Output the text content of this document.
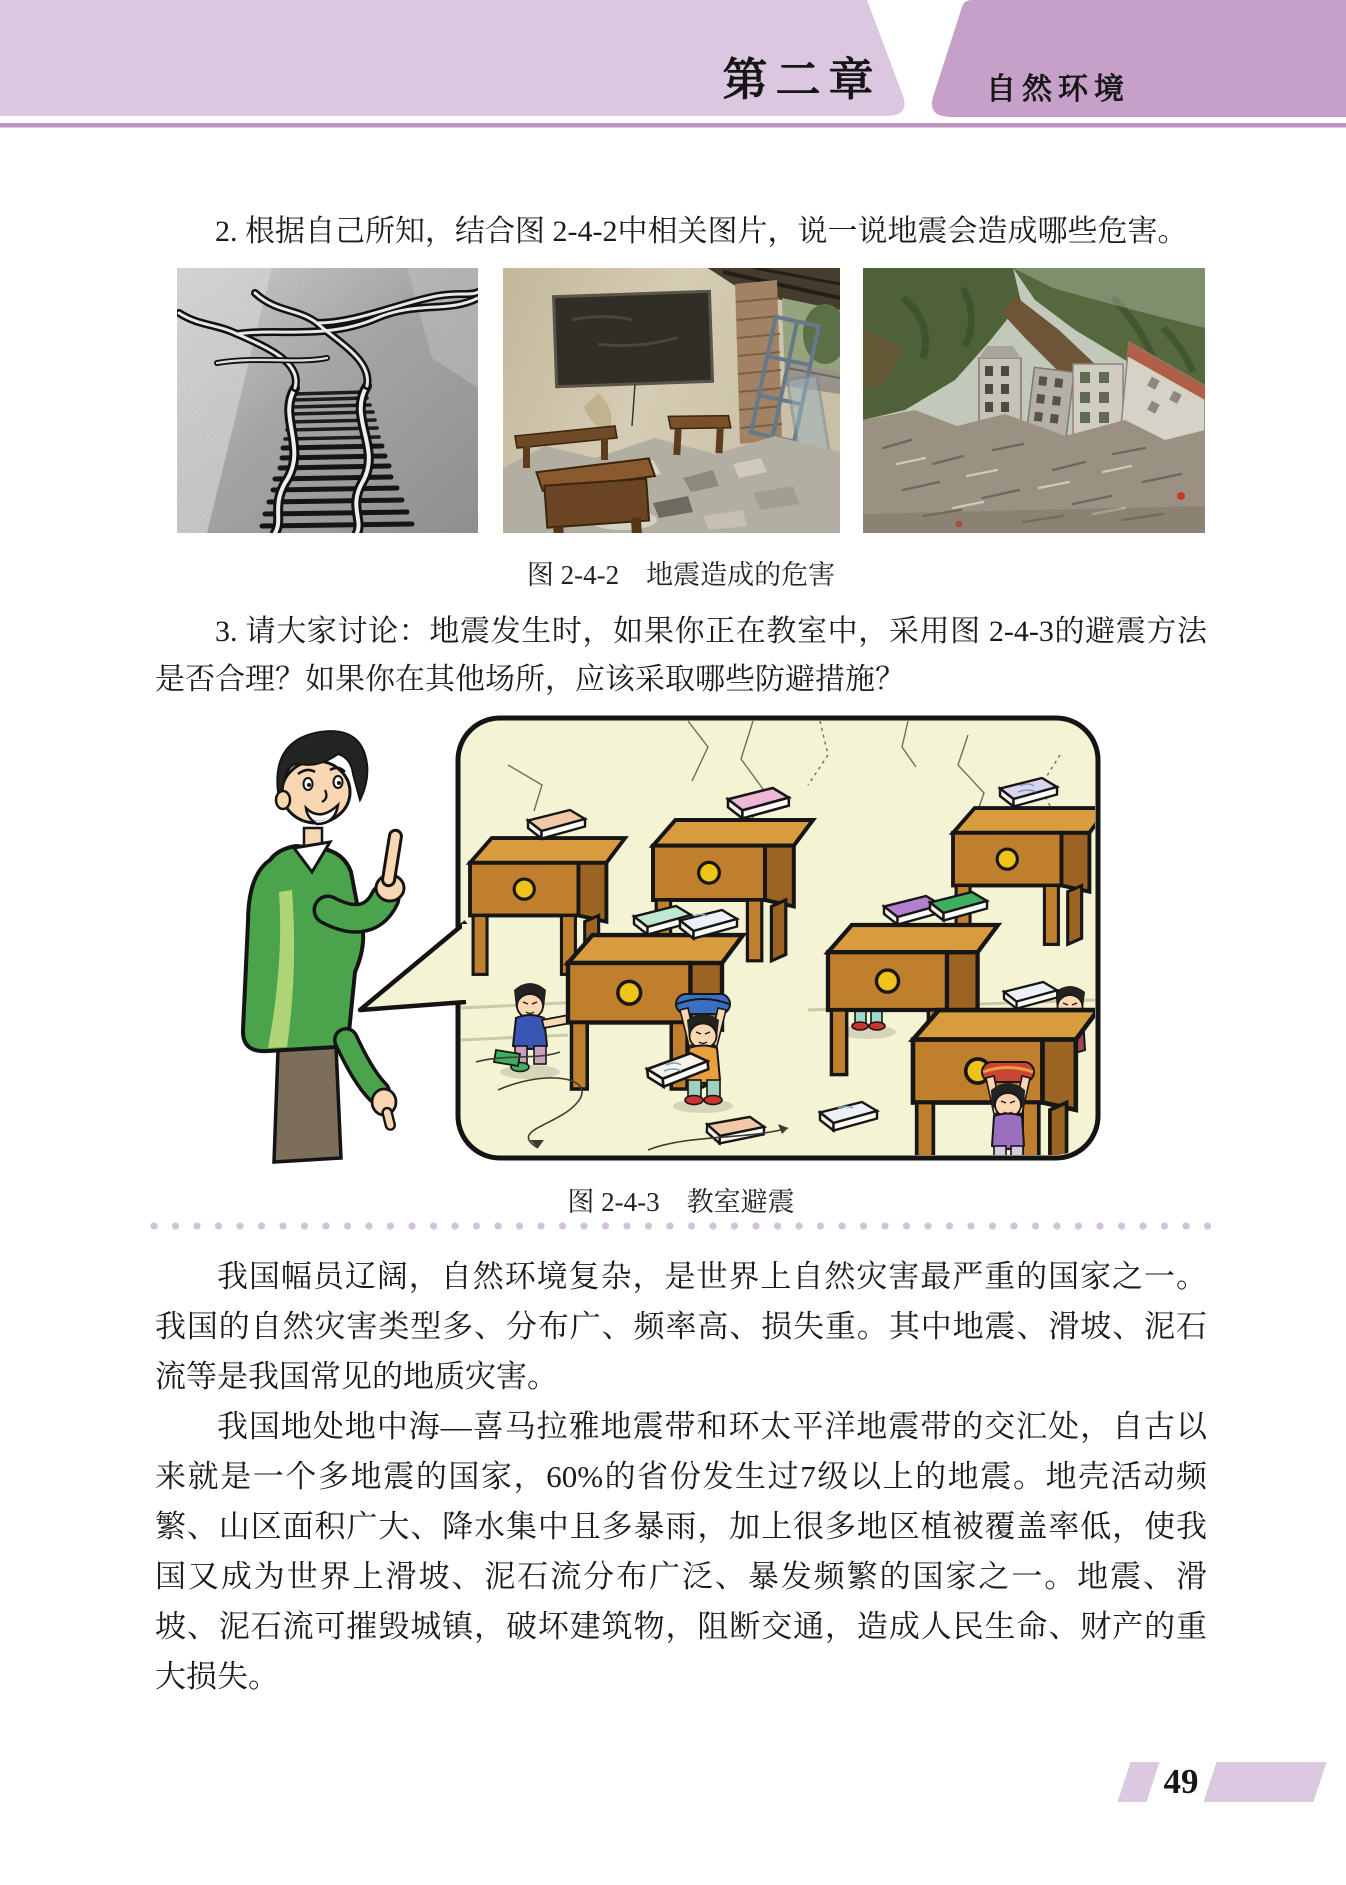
第二章	自然环境
2. 根据自己所知，结合图 2-4-2中相关图片，说一说地震会造成哪些危害。
图 2-4-2　地震造成的危害
3. 请大家讨论：地震发生时，如果你正在教室中，采用图 2-4-3的避震方法是否合理？如果你在其他场所，应该采取哪些防避措施？
图 2-4-3　教室避震
我国幅员辽阔，自然环境复杂，是世界上自然灾害最严重的国家之一。我国的自然灾害类型多、分布广、频率高、损失重。其中地震、滑坡、泥石流等是我国常见的地质灾害。
我国地处地中海—喜马拉雅地震带和环太平洋地震带的交汇处，自古以来就是一个多地震的国家，60%的省份发生过7级以上的地震。地壳活动频繁、山区面积广大、降水集中且多暴雨，加上很多地区植被覆盖率低，使我国又成为世界上滑坡、泥石流分布广泛、暴发频繁的国家之一。地震、滑坡、泥石流可摧毁城镇，破坏建筑物，阻断交通，造成人民生命、财产的重大损失。
49
